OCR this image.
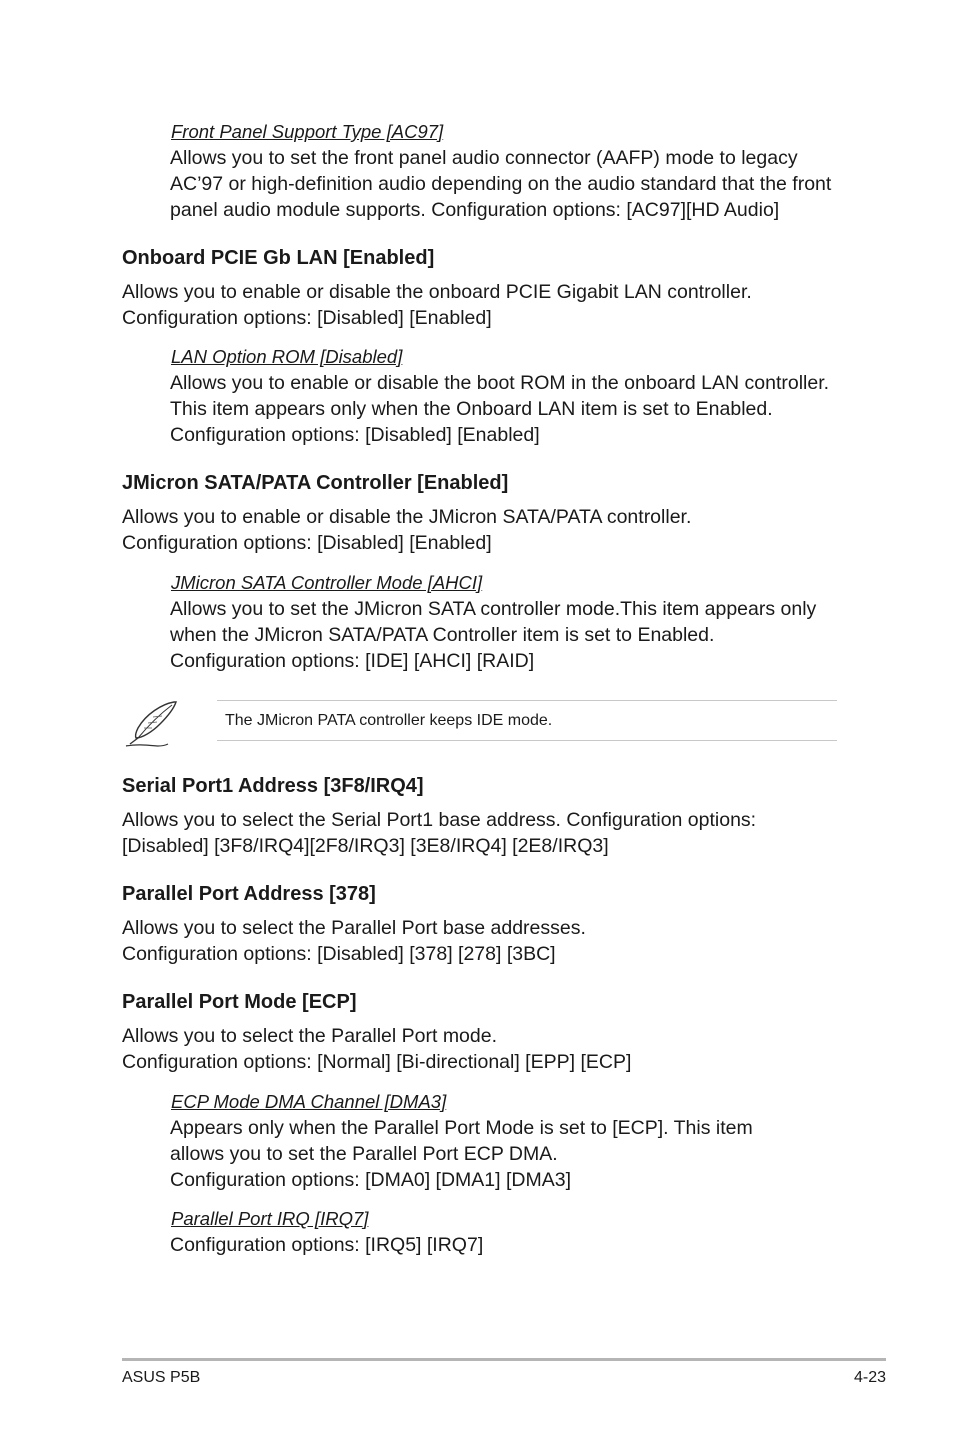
Front Panel Support Type [AC97]
Allows you to set the front panel audio connector (AAFP) mode to legacy
AC’97 or high-definition audio depending on the audio standard that the front
panel audio module supports. Configuration options: [AC97][HD Audio]
Onboard PCIE Gb LAN [Enabled]
Allows you to enable or disable the onboard PCIE Gigabit LAN controller.
Configuration options: [Disabled] [Enabled]
LAN Option ROM [Disabled]
Allows you to enable or disable the boot ROM in the onboard LAN controller.
This item appears only when the Onboard LAN item is set to Enabled.
Configuration options: [Disabled] [Enabled]
JMicron SATA/PATA Controller [Enabled]
Allows you to enable or disable the JMicron SATA/PATA controller.
Configuration options: [Disabled] [Enabled]
JMicron SATA Controller Mode [AHCI]
Allows you to set the JMicron SATA controller mode.This item appears only
when the JMicron SATA/PATA Controller item is set to Enabled.
Configuration options: [IDE] [AHCI] [RAID]
The JMicron PATA controller keeps IDE mode.
Serial Port1 Address [3F8/IRQ4]
Allows you to select the Serial Port1 base address. Configuration options:
[Disabled] [3F8/IRQ4][2F8/IRQ3] [3E8/IRQ4] [2E8/IRQ3]
Parallel Port Address [378]
Allows you to select the Parallel Port base addresses.
Configuration options: [Disabled] [378] [278] [3BC]
Parallel Port Mode [ECP]
Allows you to select the Parallel Port mode.
Configuration options: [Normal] [Bi-directional] [EPP] [ECP]
ECP Mode DMA Channel [DMA3]
Appears only when the Parallel Port Mode is set to [ECP]. This item
allows you to set the Parallel Port ECP DMA.
Configuration options: [DMA0] [DMA1] [DMA3]
Parallel Port IRQ [IRQ7]
Configuration options: [IRQ5] [IRQ7]
ASUS P5B	4-23
